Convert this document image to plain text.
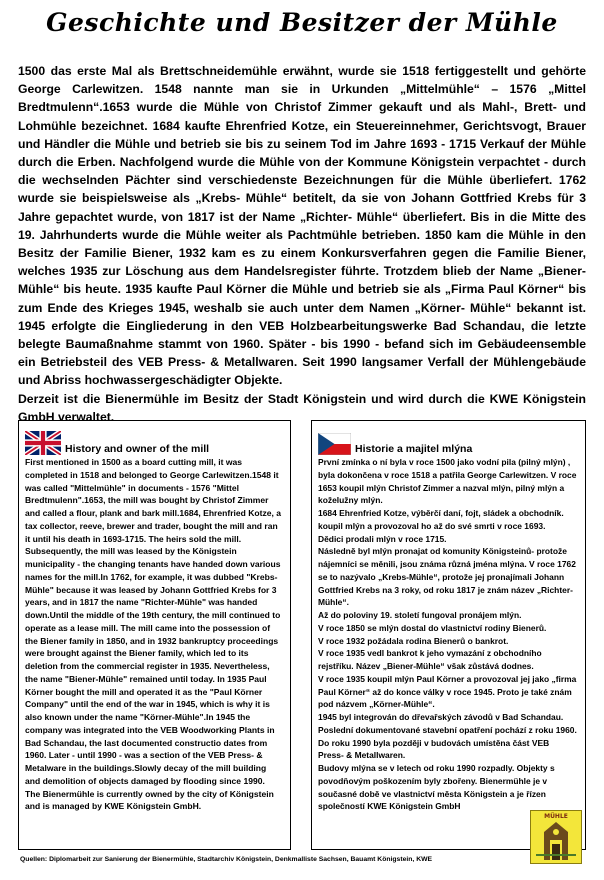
Geschichte und Besitzer der Mühle

1500 das erste Mal als Brettschneidemühle erwähnt, wurde sie 1518 fertiggestellt und gehörte George Carlewitzen. 1548 nannte man sie in Urkunden „Mittelmühle“ – 1576 „Mittel Bredtmulenn“.1653 wurde die Mühle von Christof Zimmer gekauft und als Mahl-, Brett- und Lohmühle bezeichnet. 1684 kaufte Ehrenfried Kotze, ein Steuereinnehmer, Gerichtsvogt, Brauer und Händler die Mühle und betrieb sie bis zu seinem Tod im Jahre 1693 - 1715 Verkauf der Mühle durch die Erben. Nachfolgend wurde die Mühle von der Kommune Königstein verpachtet - durch die wechselnden Pächter sind verschiedenste Bezeichnungen für die Mühle überliefert. 1762 wurde sie beispielsweise als „Krebs- Mühle“ betitelt, da sie von Johann Gottfried Krebs für 3 Jahre gepachtet wurde, von 1817 ist der Name „Richter- Mühle“ überliefert. Bis in die Mitte des 19. Jahrhunderts wurde die Mühle weiter als Pachtmühle betrieben. 1850 kam die Mühle in den Besitz der Familie Biener, 1932 kam es zu einem Konkursverfahren gegen die Familie Biener, welches 1935 zur Löschung aus dem Handelsregister führte. Trotzdem blieb der Name „Biener-Mühle“ bis heute. 1935 kaufte Paul Körner die Mühle und betrieb sie als „Firma Paul Körner“ bis zum Ende des Krieges 1945, weshalb sie auch unter dem Namen „Körner- Mühle“ bekannt ist. 1945 erfolgte die Eingliederung in den VEB Holzbearbeitungswerke Bad Schandau, die letzte belegte Baumaßnahme stammt von 1960. Später - bis 1990 - befand sich im Gebäudeensemble ein Betriebsteil des VEB Press- & Metallwaren. Seit 1990 langsamer Verfall der Mühlengebäude und Abriss hochwassergeschädigter Objekte.

Derzeit ist die Bienermühle im Besitz der Stadt Königstein und wird durch die KWE Königstein GmbH verwaltet.

History and owner of the mill
First mentioned in 1500 as a board cutting mill, it was completed in 1518 and belonged to George Carlewitzen.1548 it was called "Mittelmühle" in documents - 1576 "Mittel Bredtmulenn".1653, the mill was bought by Christof Zimmer and called a flour, plank and bark mill.1684, Ehrenfried Kotze, a tax collector, reeve, brewer and trader, bought the mill and ran it until his death in 1693-1715. The heirs sold the mill. Subsequently, the mill was leased by the Königstein municipality - the changing tenants have handed down various names for the mill.In 1762, for example, it was dubbed "Krebs-Mühle" because it was leased by Johann Gottfried Krebs for 3 years, and in 1817 the name "Richter-Mühle" was handed down.Until the middle of the 19th century, the mill continued to operate as a lease mill. The mill came into the possession of the Biener family in 1850, and in 1932 bankruptcy proceedings were brought against the Biener family, which led to its deletion from the commercial register in 1935. Nevertheless, the name "Biener-Mühle" remained until today. In 1935 Paul Körner bought the mill and operated it as the "Paul Körner Company" until the end of the war in 1945, which is why it is also known under the name "Körner-Mühle".In 1945 the company was integrated into the VEB Woodworking Plants in Bad Schandau, the last documented constructio dates from 1960. Later - until 1990 - was a section of the VEB Press- & Metalware in the buildings.Slowly decay of the mill building and demolition of objects damaged by flooding since 1990. The Bienermühle is currently owned by the city of Königstein and is managed by KWE Königstein GmbH.
Historie a majitel mlýna
První zmínka o ní byla v roce 1500 jako vodní pila (pilný mlýn) , byla dokončena v roce 1518 a patřila George Carlewitzen. V roce 1653 koupil mlýn Christof Zimmer a nazval mlýn, pilný mlýn a koželužny mlýn.
1684 Ehrenfried Kotze, výběrčí daní, fojt, sládek a obchodník. koupil mlýn a provozoval ho až do své smrti v roce 1693.
Dědici prodali mlýn v roce 1715.
Následně byl mlýn pronajat od komunity Königsteinů- protože nájemníci se měnili, jsou známa různá jména mlýna. V roce 1762 se to nazývalo „Krebs-Mühle“, protože jej pronajímali Johann Gottfried Krebs na 3 roky, od roku 1817 je znám název „Richter-Mühle“.
Až do poloviny 19. století fungoval pronájem mlýn.
V roce 1850 se mlýn dostal do vlastnictví rodiny Bienerů.
V roce 1932 požádala rodina Bienerů o bankrot.
V roce 1935 vedl bankrot k jeho vymazání z obchodního rejstříku. Název „Biener-Mühle“ však zůstává dodnes.
V roce 1935 koupil mlýn Paul Körner a provozoval jej jako „firma Paul Körner“ až do konce války v roce 1945. Proto je také znám pod názvem „Körner-Mühle“.
1945 byl integrován do dřevařských závodů v Bad Schandau. Poslední dokumentované stavební opatření pochází z roku 1960.
Do roku 1990 byla později v budovách umístěna část VEB Press- & Metallwaren.
Budovy mlýna se v letech od roku 1990 rozpadly. Objekty s povodňovým poškozením byly zbořeny. Bienermühle je v současné době ve vlastnictví města Königstein a je řízen společností KWE Königstein GmbH
MÜHLE
Quellen: Diplomarbeit zur Sanierung der Bienermühle, Stadtarchiv Königstein, Denkmalliste Sachsen, Bauamt Königstein, KWE
